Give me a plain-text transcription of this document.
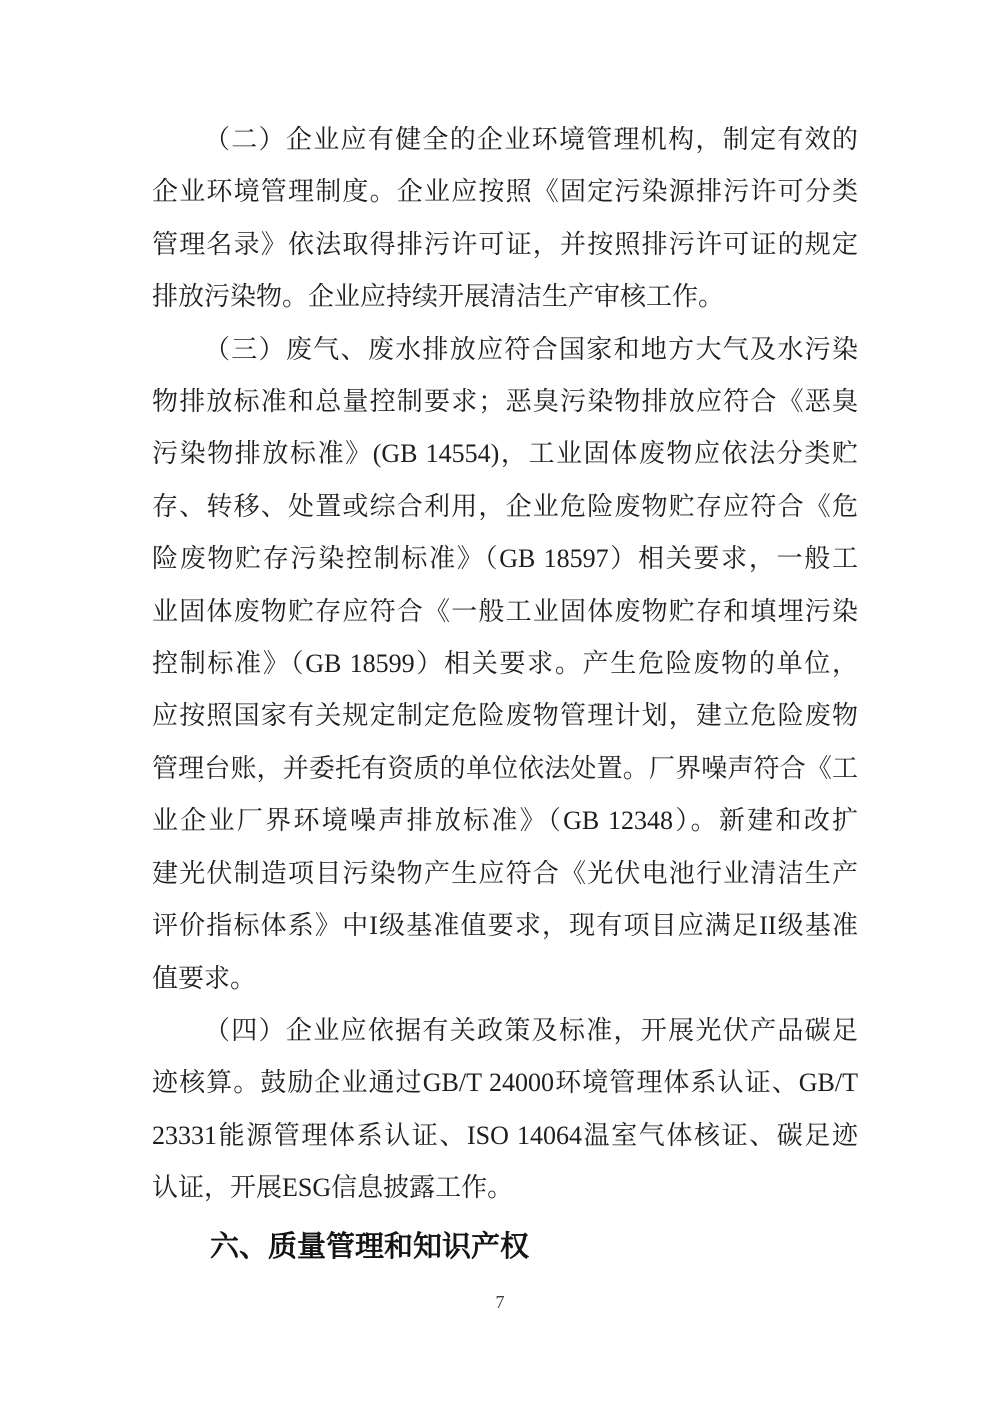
（二）企业应有健全的企业环境管理机构，制定有效的
企业环境管理制度。企业应按照《固定污染源排污许可分类
管理名录》依法取得排污许可证，并按照排污许可证的规定
排放污染物。企业应持续开展清洁生产审核工作。

（三）废气、废水排放应符合国家和地方大气及水污染
物排放标准和总量控制要求；恶臭污染物排放应符合《恶臭
污染物排放标准》(GB 14554)，工业固体废物应依法分类贮
存、转移、处置或综合利用，企业危险废物贮存应符合《危
险废物贮存污染控制标准》（GB 18597）相关要求，一般工
业固体废物贮存应符合《一般工业固体废物贮存和填埋污染
控制标准》（GB 18599）相关要求。产生危险废物的单位，
应按照国家有关规定制定危险废物管理计划，建立危险废物
管理台账，并委托有资质的单位依法处置。厂界噪声符合《工
业企业厂界环境噪声排放标准》（GB 12348）。新建和改扩
建光伏制造项目污染物产生应符合《光伏电池行业清洁生产
评价指标体系》中I级基准值要求，现有项目应满足II级基准
值要求。

（四）企业应依据有关政策及标准，开展光伏产品碳足
迹核算。鼓励企业通过GB/T 24000环境管理体系认证、GB/T
23331能源管理体系认证、ISO 14064温室气体核证、碳足迹
认证，开展ESG信息披露工作。

六、质量管理和知识产权

7
